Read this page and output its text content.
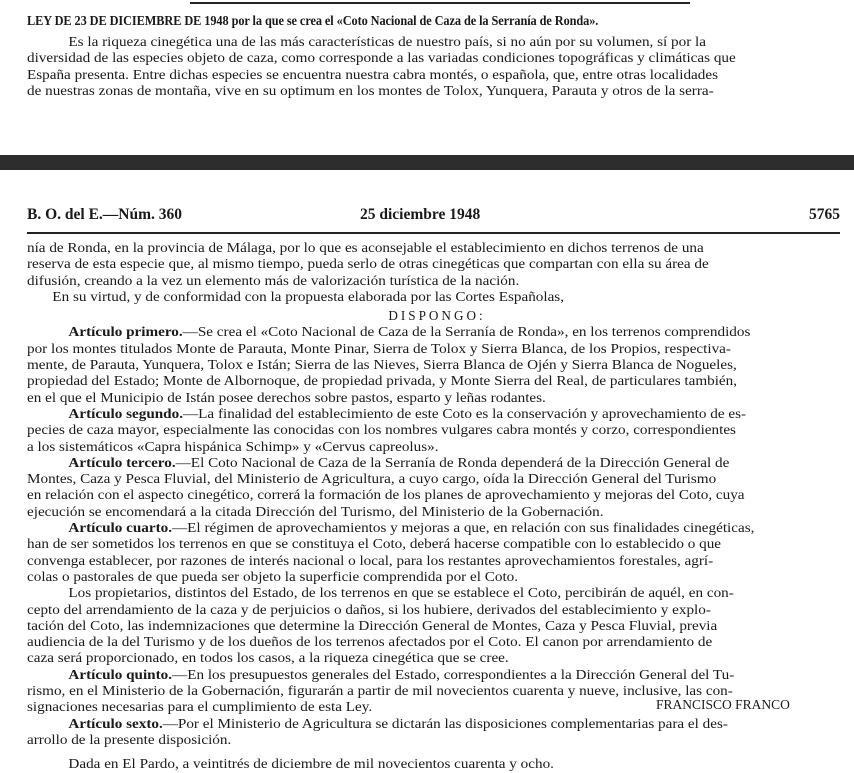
LEY DE 23 DE DICIEMBRE DE 1948 por la que se crea el «Coto Nacional de Caza de la Serranía de Ronda».
Es la riqueza cinegética una de las más características de nuestro país, si no aún por su volumen, sí por la
diversidad de las especies objeto de caza, como corresponde a las variadas condiciones topográficas y climáticas que
España presenta. Entre dichas especies se encuentra nuestra cabra montés, o española, que, entre otras localidades
de nuestras zonas de montaña, vive en su optimum en los montes de Tolox, Yunquera, Parauta y otros de la serra-
B. O. del E.—Núm. 360	25 diciembre 1948	5765
nía de Ronda, en la provincia de Málaga, por lo que es aconsejable el establecimiento en dichos terrenos de una
reserva de esta especie que, al mismo tiempo, pueda serlo de otras cinegéticas que compartan con ella su área de
difusión, creando a la vez un elemento más de valorización turística de la nación.
En su virtud, y de conformidad con la propuesta elaborada por las Cortes Españolas,
DISPONGO:
Artículo primero.—Se crea el «Coto Nacional de Caza de la Serranía de Ronda», en los terrenos comprendidos
por los montes titulados Monte de Parauta, Monte Pinar, Sierra de Tolox y Sierra Blanca, de los Propios, respectiva-
mente, de Parauta, Yunquera, Tolox e Istán; Sierra de las Nieves, Sierra Blanca de Ojén y Sierra Blanca de Nogueles,
propiedad del Estado; Monte de Albornoque, de propiedad privada, y Monte Sierra del Real, de particulares también,
en el que el Municipio de Istán posee derechos sobre pastos, esparto y leñas rodantes.
Artículo segundo.—La finalidad del establecimiento de este Coto es la conservación y aprovechamiento de es-
pecies de caza mayor, especialmente las conocidas con los nombres vulgares cabra montés y corzo, correspondientes
a los sistemáticos «Capra hispánica Schimp» y «Cervus capreolus».
Artículo tercero.—El Coto Nacional de Caza de la Serranía de Ronda dependerá de la Dirección General de
Montes, Caza y Pesca Fluvial, del Ministerio de Agricultura, a cuyo cargo, oída la Dirección General del Turismo
en relación con el aspecto cinegético, correrá la formación de los planes de aprovechamiento y mejoras del Coto, cuya
ejecución se encomendará a la citada Dirección del Turismo, del Ministerio de la Gobernación.
Artículo cuarto.—El régimen de aprovechamientos y mejoras a que, en relación con sus finalidades cinegéticas,
han de ser sometidos los terrenos en que se constituya el Coto, deberá hacerse compatible con lo establecido o que
convenga establecer, por razones de interés nacional o local, para los restantes aprovechamientos forestales, agrí-
colas o pastorales de que pueda ser objeto la superficie comprendida por el Coto.
Los propietarios, distintos del Estado, de los terrenos en que se establece el Coto, percibirán de aquél, en con-
cepto del arrendamiento de la caza y de perjuicios o daños, si los hubiere, derivados del establecimiento y explo-
tación del Coto, las indemnizaciones que determine la Dirección General de Montes, Caza y Pesca Fluvial, previa
audiencia de la del Turismo y de los dueños de los terrenos afectados por el Coto. El canon por arrendamiento de
caza será proporcionado, en todos los casos, a la riqueza cinegética que se cree.
Artículo quinto.—En los presupuestos generales del Estado, correspondientes a la Dirección General del Tu-
rismo, en el Ministerio de la Gobernación, figurarán a partir de mil novecientos cuarenta y nueve, inclusive, las con-
signaciones necesarias para el cumplimiento de esta Ley.
Artículo sexto.—Por el Ministerio de Agricultura se dictarán las disposiciones complementarias para el des-
arrollo de la presente disposición.
Dada en El Pardo, a veintitrés de diciembre de mil novecientos cuarenta y ocho.
FRANCISCO FRANCO
